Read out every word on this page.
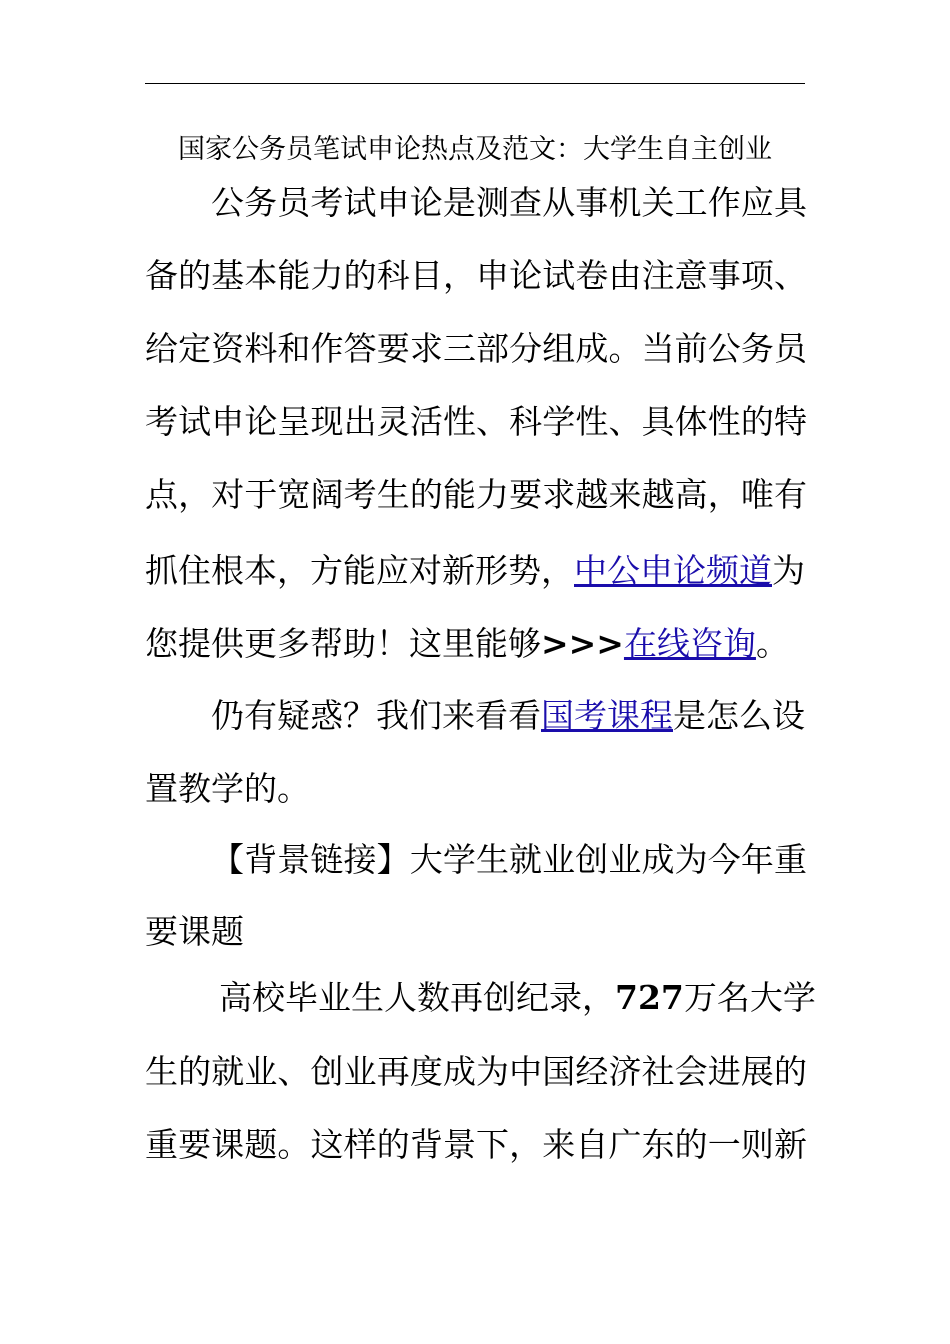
国家公务员笔试申论热点及范文：大学生自主创业
公务员考试申论是测查从事机关工作应具
备的基本能力的科目，申论试卷由注意事项、
给定资料和作答要求三部分组成。当前公务员
考试申论呈现出灵活性、科学性、具体性的特
点，对于宽阔考生的能力要求越来越高，唯有
抓住根本，方能应对新形势，中公申论频道为
您提供更多帮助！这里能够>>>在线咨询。
仍有疑惑？我们来看看国考课程是怎么设
置教学的。
【背景链接】大学生就业创业成为今年重
要课题
高校毕业生人数再创纪录，727万名大学
生的就业、创业再度成为中国经济社会进展的
重要课题。这样的背景下，来自广东的一则新
